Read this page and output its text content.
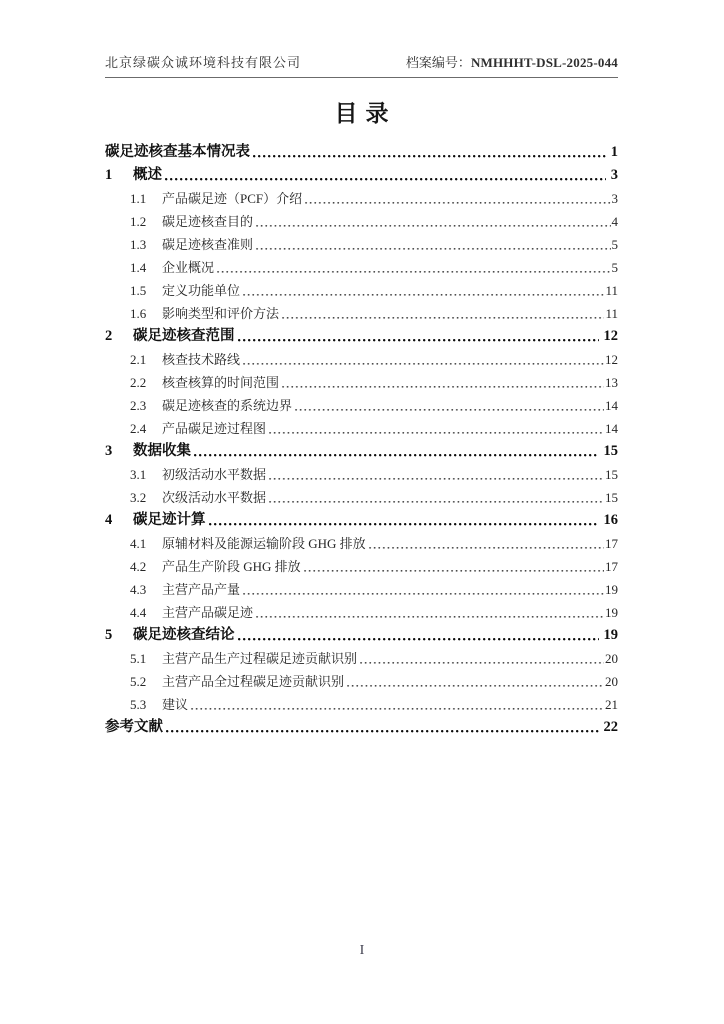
北京绿碳众诚环境科技有限公司	档案编号：NMHHHT-DSL-2025-044
目录
碳足迹核查基本情况表	1
1	概述	3
1.1	产品碳足迹（PCF）介绍	3
1.2	碳足迹核查目的	4
1.3	碳足迹核查准则	5
1.4	企业概况	5
1.5	定义功能单位	11
1.6	影响类型和评价方法	11
2	碳足迹核查范围	12
2.1	核查技术路线	12
2.2	核查核算的时间范围	13
2.3	碳足迹核查的系统边界	14
2.4	产品碳足迹过程图	14
3	数据收集	15
3.1	初级活动水平数据	15
3.2	次级活动水平数据	15
4	碳足迹计算	16
4.1	原辅材料及能源运输阶段 GHG 排放	17
4.2	产品生产阶段 GHG 排放	17
4.3	主营产品产量	19
4.4	主营产品碳足迹	19
5	碳足迹核查结论	19
5.1	主营产品生产过程碳足迹贡献识别	20
5.2	主营产品全过程碳足迹贡献识别	20
5.3	建议	21
参考文献	22
I
